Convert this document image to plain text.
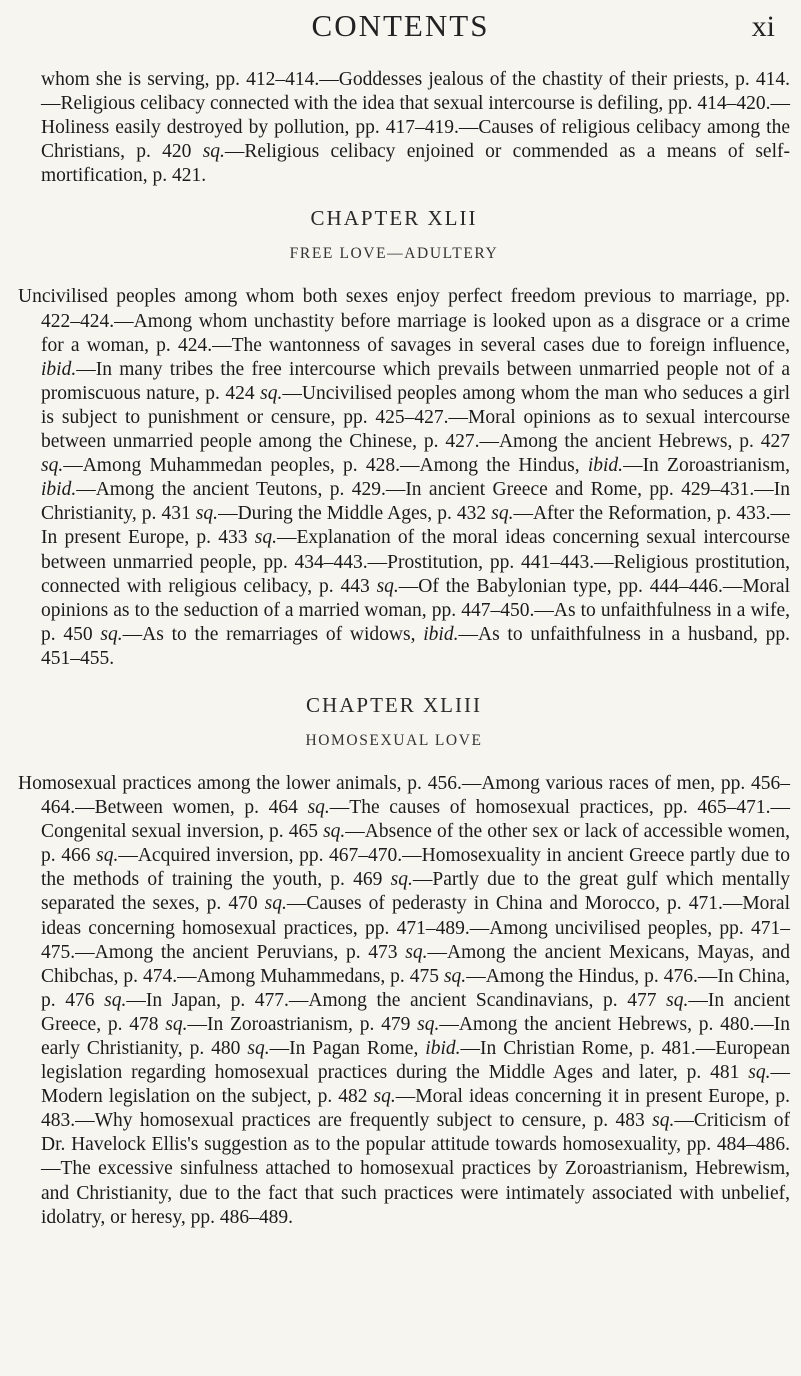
CONTENTS	xi

whom she is serving, pp. 412–414.—Goddesses jealous of the chastity of their priests, p. 414.—Religious celibacy connected with the idea that sexual intercourse is defiling, pp. 414–420.—Holiness easily destroyed by pollution, pp. 417–419.—Causes of religious celibacy among the Christians, p. 420 sq.—Religious celibacy enjoined or commended as a means of self-mortification, p. 421.

CHAPTER XLII
FREE LOVE—ADULTERY

Uncivilised peoples among whom both sexes enjoy perfect freedom previous to marriage, pp. 422–424.—Among whom unchastity before marriage is looked upon as a disgrace or a crime for a woman, p. 424.—The wantonness of savages in several cases due to foreign influence, ibid.—In many tribes the free intercourse which prevails between unmarried people not of a promiscuous nature, p. 424 sq.—Uncivilised peoples among whom the man who seduces a girl is subject to punishment or censure, pp. 425–427.—Moral opinions as to sexual intercourse between unmarried people among the Chinese, p. 427.—Among the ancient Hebrews, p. 427 sq.—Among Muhammedan peoples, p. 428.—Among the Hindus, ibid.—In Zoroastrianism, ibid.—Among the ancient Teutons, p. 429.—In ancient Greece and Rome, pp. 429–431.—In Christianity, p. 431 sq.—During the Middle Ages, p. 432 sq.—After the Reformation, p. 433.—In present Europe, p. 433 sq.—Explanation of the moral ideas concerning sexual intercourse between unmarried people, pp. 434–443.—Prostitution, pp. 441–443.—Religious prostitution, connected with religious celibacy, p. 443 sq.—Of the Babylonian type, pp. 444–446.—Moral opinions as to the seduction of a married woman, pp. 447–450.—As to unfaithfulness in a wife, p. 450 sq.—As to the remarriages of widows, ibid.—As to unfaithfulness in a husband, pp. 451–455.

CHAPTER XLIII
HOMOSEXUAL LOVE

Homosexual practices among the lower animals, p. 456.—Among various races of men, pp. 456–464.—Between women, p. 464 sq.—The causes of homosexual practices, pp. 465–471.—Congenital sexual inversion, p. 465 sq.—Absence of the other sex or lack of accessible women, p. 466 sq.—Acquired inversion, pp. 467–470.—Homosexuality in ancient Greece partly due to the methods of training the youth, p. 469 sq.—Partly due to the great gulf which mentally separated the sexes, p. 470 sq.—Causes of pederasty in China and Morocco, p. 471.—Moral ideas concerning homosexual practices, pp. 471–489.—Among uncivilised peoples, pp. 471–475.—Among the ancient Peruvians, p. 473 sq.—Among the ancient Mexicans, Mayas, and Chibchas, p. 474.—Among Muhammedans, p. 475 sq.—Among the Hindus, p. 476.—In China, p. 476 sq.—In Japan, p. 477.—Among the ancient Scandinavians, p. 477 sq.—In ancient Greece, p. 478 sq.—In Zoroastrianism, p. 479 sq.—Among the ancient Hebrews, p. 480.—In early Christianity, p. 480 sq.—In Pagan Rome, ibid.—In Christian Rome, p. 481.—European legislation regarding homosexual practices during the Middle Ages and later, p. 481 sq.—Modern legislation on the subject, p. 482 sq.—Moral ideas concerning it in present Europe, p. 483.—Why homosexual practices are frequently subject to censure, p. 483 sq.—Criticism of Dr. Havelock Ellis's suggestion as to the popular attitude towards homosexuality, pp. 484–486.—The excessive sinfulness attached to homosexual practices by Zoroastrianism, Hebrewism, and Christianity, due to the fact that such practices were intimately associated with unbelief, idolatry, or heresy, pp. 486–489.
